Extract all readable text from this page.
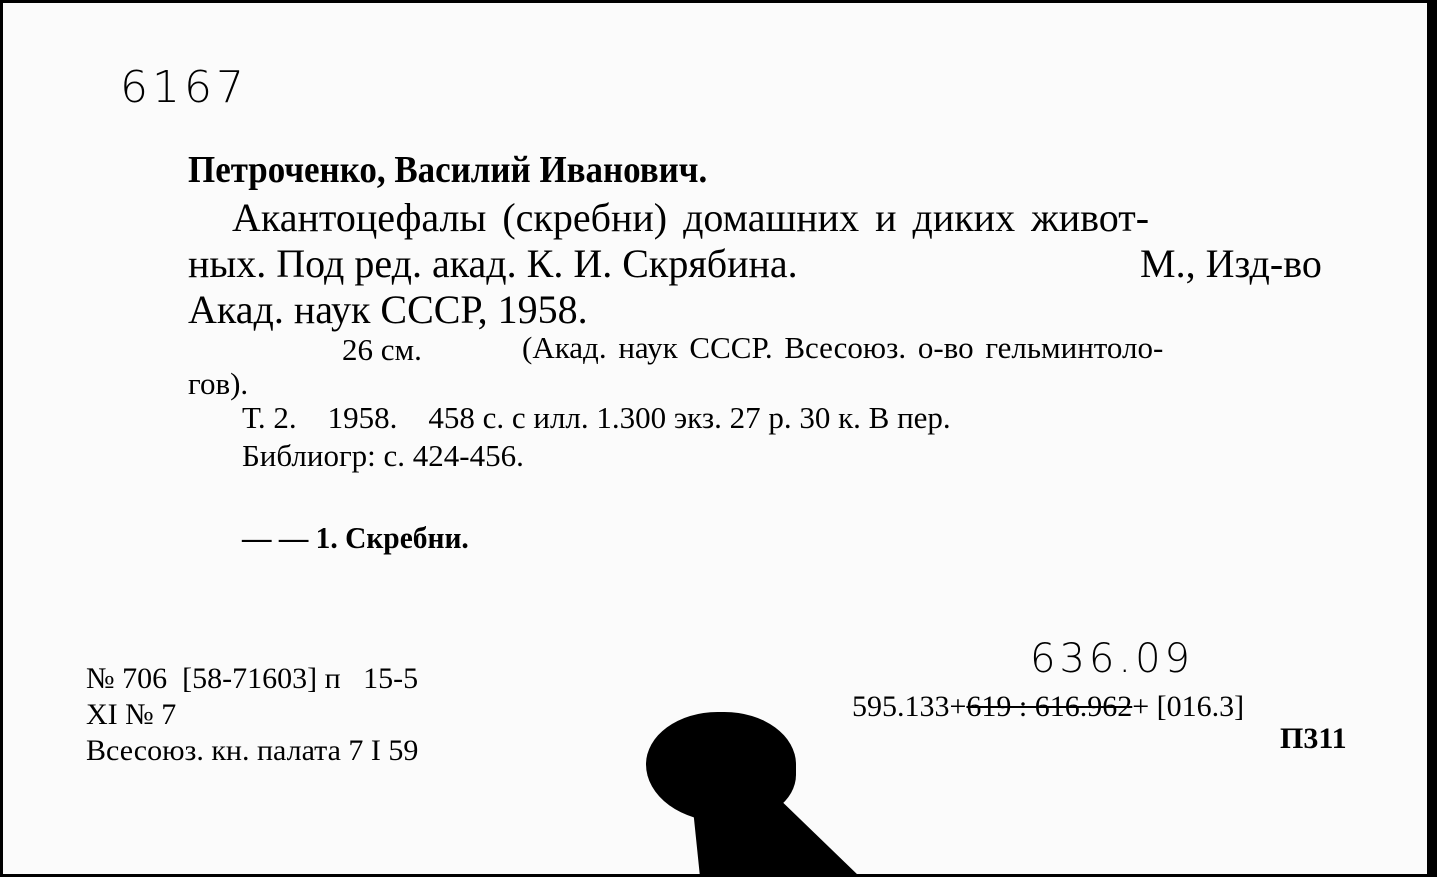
6167
Петроченко, Василий Иванович.
Акантоцефалы (скребни) домашних и диких живот-
ных. Под ред. акад. К. И. Скрябина.	М., Изд-во
Акад. наук СССР, 1958.
26 см.	(Акад. наук СССР. Всесоюз. о-во гельминтоло-
гов).
Т. 2.    1958.    458 с. с илл. 1.300 экз. 27 р. 30 к. В пер.
Библиогр: с. 424-456.
— — 1. Скребни.
№ 706  [58-71603] п   15-5
XI № 7
Всесоюз. кн. палата 7 I 59
636.09
595.133+619 : 616.962+ [016.3]
П311
